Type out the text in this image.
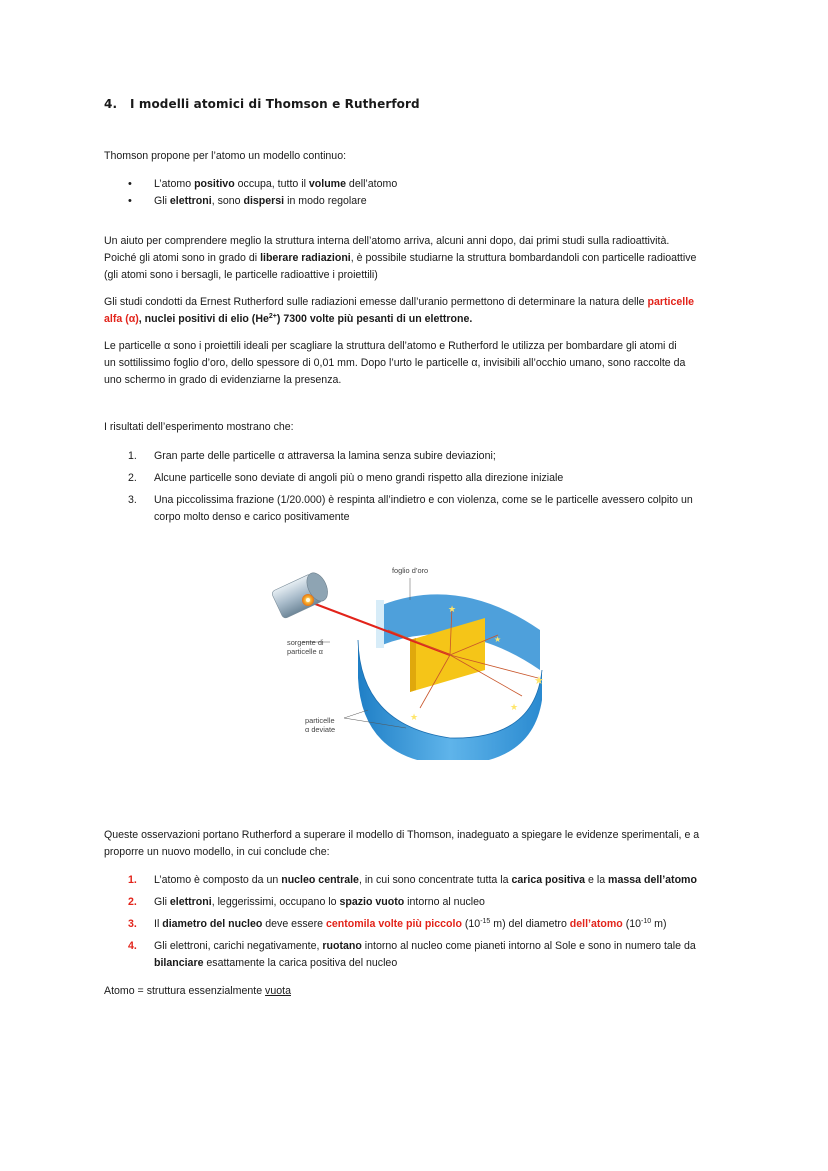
4. I modelli atomici di Thomson e Rutherford

Thomson propone per l’atomo un modello continuo:

• L’atomo positivo occupa, tutto il volume dell’atomo
• Gli elettroni, sono dispersi in modo regolare

Un aiuto per comprendere meglio la struttura interna dell’atomo arriva, alcuni anni dopo, dai primi studi sulla radioattività.

Poiché gli atomi sono in grado di liberare radiazioni, è possibile studiarne la struttura bombardandoli con particelle radioattive

(gli atomi sono i bersagli, le particelle radioattive i proiettili)

Gli studi condotti da Ernest Rutherford sulle radiazioni emesse dall’uranio permettono di determinare la natura delle particelle

alfa (α), nuclei positivi di elio $(He^{2+})$ 7300 volte più pesanti di un elettrone.

Le particelle α sono i proiettili ideali per scagliare la struttura dell’atomo e Rutherford le utilizza per bombardare gli atomi di

un sottilissimo foglio d’oro, dello spessore di 0,01 mm. Dopo l’urto le particelle α, invisibili all’occhio umano, sono raccolte da

uno schermo in grado di evidenziarne la presenza.

I risultati dell’esperimento mostrano che:

1. Gran parte delle particelle α attraversa la lamina senza subire deviazioni;
2. Alcune particelle sono deviate di angoli più o meno grandi rispetto alla direzione iniziale
3. Una piccolissima frazione (1/20.000) è respinta all’indietro e con violenza, come se le particelle avessero colpito un
corpo molto denso e carico positivamente
★
★
★
★
★
foglio d’oro
sorgente di
particelle α
particelle
α deviate

Queste osservazioni portano Rutherford a superare il modello di Thomson, inadeguato a spiegare le evidenze sperimentali, e a

proporre un nuovo modello, in cui conclude che:

1. L’atomo è composto da un nucleo centrale, in cui sono concentrate tutta la carica positiva e la massa dell’atomo
2. Gli elettroni, leggerissimi, occupano lo spazio vuoto intorno al nucleo
3. Il diametro del nucleo deve essere centomila volte più piccolo ($10^{-15}$ m) del diametro dell’atomo ($10^{-10}$ m)
4. Gli elettroni, carichi negativamente, ruotano intorno al nucleo come pianeti intorno al Sole e sono in numero tale da
bilanciare esattamente la carica positiva del nucleo

Atomo = struttura essenzialmente vuota
